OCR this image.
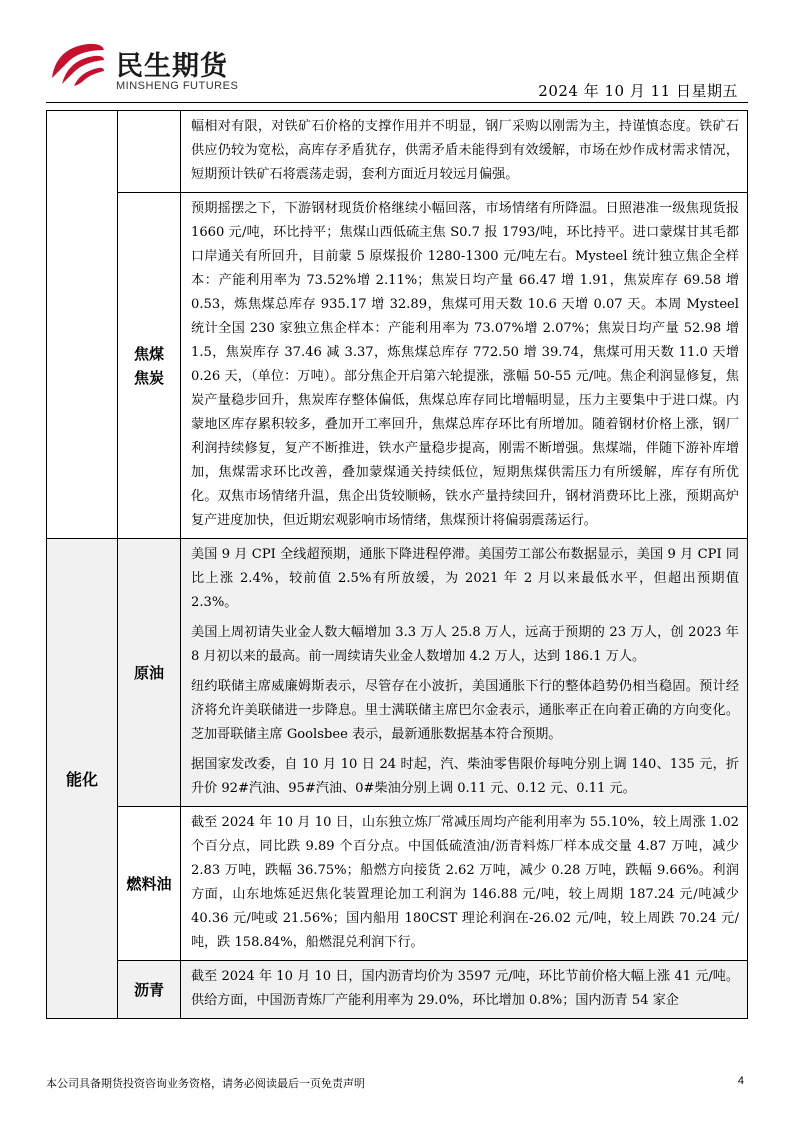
民生期货
MINSHENG FUTURES	2024 年 10 月 11 日星期五

		幅相对有限，对铁矿石价格的支撑作用并不明显，钢厂采购以刚需为主，持谨慎态度。铁矿石供应仍较为宽松，高库存矛盾犹存，供需矛盾未能得到有效缓解，市场在炒作成材需求情况，短期预计铁矿石将震荡走弱，套利方面近月较远月偏强。

	焦煤
焦炭	预期摇摆之下，下游钢材现货价格继续小幅回落，市场情绪有所降温。日照港准一级焦现货报 1660 元/吨，环比持平；焦煤山西低硫主焦 S0.7 报 1793/吨，环比持平。进口蒙煤甘其毛都口岸通关有所回升，目前蒙 5 原煤报价 1280-1300 元/吨左右。Mysteel 统计独立焦企全样本：产能利用率为 73.52%增 2.11%；焦炭日均产量 66.47 增 1.91，焦炭库存 69.58 增 0.53，炼焦煤总库存 935.17 增 32.89，焦煤可用天数 10.6 天增 0.07 天。本周 Mysteel 统计全国 230 家独立焦企样本：产能利用率为 73.07%增 2.07%；焦炭日均产量 52.98 增 1.5，焦炭库存 37.46 减 3.37，炼焦煤总库存 772.50 增 39.74，焦煤可用天数 11.0 天增 0.26 天，（单位：万吨）。部分焦企开启第六轮提涨，涨幅 50-55 元/吨。焦企利润显修复，焦炭产量稳步回升，焦炭库存整体偏低，焦煤总库存同比增幅明显，压力主要集中于进口煤。内蒙地区库存累积较多，叠加开工率回升，焦煤总库存环比有所增加。随着钢材价格上涨，钢厂利润持续修复，复产不断推进，铁水产量稳步提高，刚需不断增强。焦煤端，伴随下游补库增加，焦煤需求环比改善，叠加蒙煤通关持续低位，短期焦煤供需压力有所缓解，库存有所优化。双焦市场情绪升温，焦企出货较顺畅，铁水产量持续回升，钢材消费环比上涨，预期高炉复产进度加快，但近期宏观影响市场情绪，焦煤预计将偏弱震荡运行。

能化	原油	美国 9 月 CPI 全线超预期，通胀下降进程停滞。美国劳工部公布数据显示，美国 9 月 CPI 同比上涨 2.4%，较前值 2.5%有所放缓，为 2021 年 2 月以来最低水平，但超出预期值 2.3%。

美国上周初请失业金人数大幅增加 3.3 万人 25.8 万人，远高于预期的 23 万人，创 2023 年 8 月初以来的最高。前一周续请失业金人数增加 4.2 万人，达到 186.1 万人。

纽约联储主席威廉姆斯表示，尽管存在小波折，美国通胀下行的整体趋势仍相当稳固。预计经济将允许美联储进一步降息。里士满联储主席巴尔金表示，通胀率正在向着正确的方向变化。芝加哥联储主席 Goolsbee 表示，最新通胀数据基本符合预期。

据国家发改委，自 10 月 10 日 24 时起，汽、柴油零售限价每吨分别上调 140、135 元，折升价 92#汽油、95#汽油、0#柴油分别上调 0.11 元、0.12 元、0.11 元。

	燃料油	截至 2024 年 10 月 10 日，山东独立炼厂常减压周均产能利用率为 55.10%，较上周涨 1.02 个百分点，同比跌 9.89 个百分点。中国低硫渣油/沥青料炼厂样本成交量 4.87 万吨，减少 2.83 万吨，跌幅 36.75%；船燃方向接货 2.62 万吨，减少 0.28 万吨，跌幅 9.66%。利润方面，山东地炼延迟焦化装置理论加工利润为 146.88 元/吨，较上周期 187.24 元/吨减少 40.36 元/吨或 21.56%；国内船用 180CST 理论利润在-26.02 元/吨，较上周跌 70.24 元/吨，跌 158.84%，船燃混兑利润下行。

	沥青	截至 2024 年 10 月 10 日，国内沥青均价为 3597 元/吨，环比节前价格大幅上涨 41 元/吨。供给方面，中国沥青炼厂产能利用率为 29.0%，环比增加 0.8%；国内沥青 54 家企

本公司具备期货投资咨询业务资格，请务必阅读最后一页免责声明	4
